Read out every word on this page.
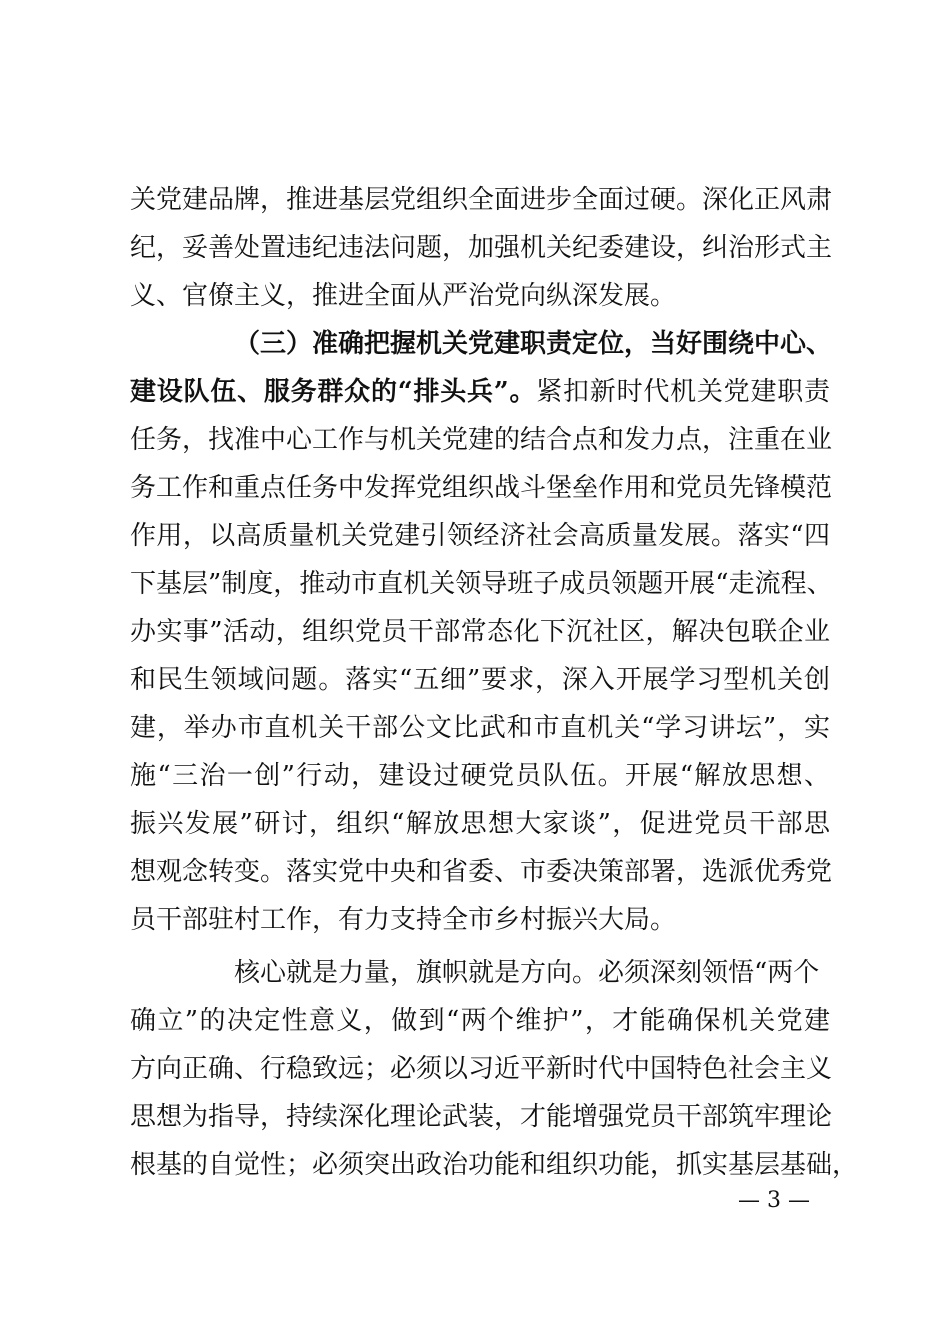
关党建品牌，推进基层党组织全面进步全面过硬。深化正风肃
纪，妥善处置违纪违法问题，加强机关纪委建设，纠治形式主
义、官僚主义，推进全面从严治党向纵深发展。
（三）准确把握机关党建职责定位，当好围绕中心、
建设队伍、服务群众的“排头兵”。紧扣新时代机关党建职责
任务，找准中心工作与机关党建的结合点和发力点，注重在业
务工作和重点任务中发挥党组织战斗堡垒作用和党员先锋模范
作用，以高质量机关党建引领经济社会高质量发展。落实“四
下基层”制度，推动市直机关领导班子成员领题开展“走流程、
办实事”活动，组织党员干部常态化下沉社区，解决包联企业
和民生领域问题。落实“五细”要求，深入开展学习型机关创
建，举办市直机关干部公文比武和市直机关“学习讲坛”，实
施“三治一创”行动，建设过硬党员队伍。开展“解放思想、
振兴发展”研讨，组织“解放思想大家谈”，促进党员干部思
想观念转变。落实党中央和省委、市委决策部署，选派优秀党
员干部驻村工作，有力支持全市乡村振兴大局。
核心就是力量，旗帜就是方向。必须深刻领悟“两个
确立”的决定性意义，做到“两个维护”，才能确保机关党建
方向正确、行稳致远；必须以习近平新时代中国特色社会主义
思想为指导，持续深化理论武装，才能增强党员干部筑牢理论
根基的自觉性；必须突出政治功能和组织功能，抓实基层基础，
— 3 —
